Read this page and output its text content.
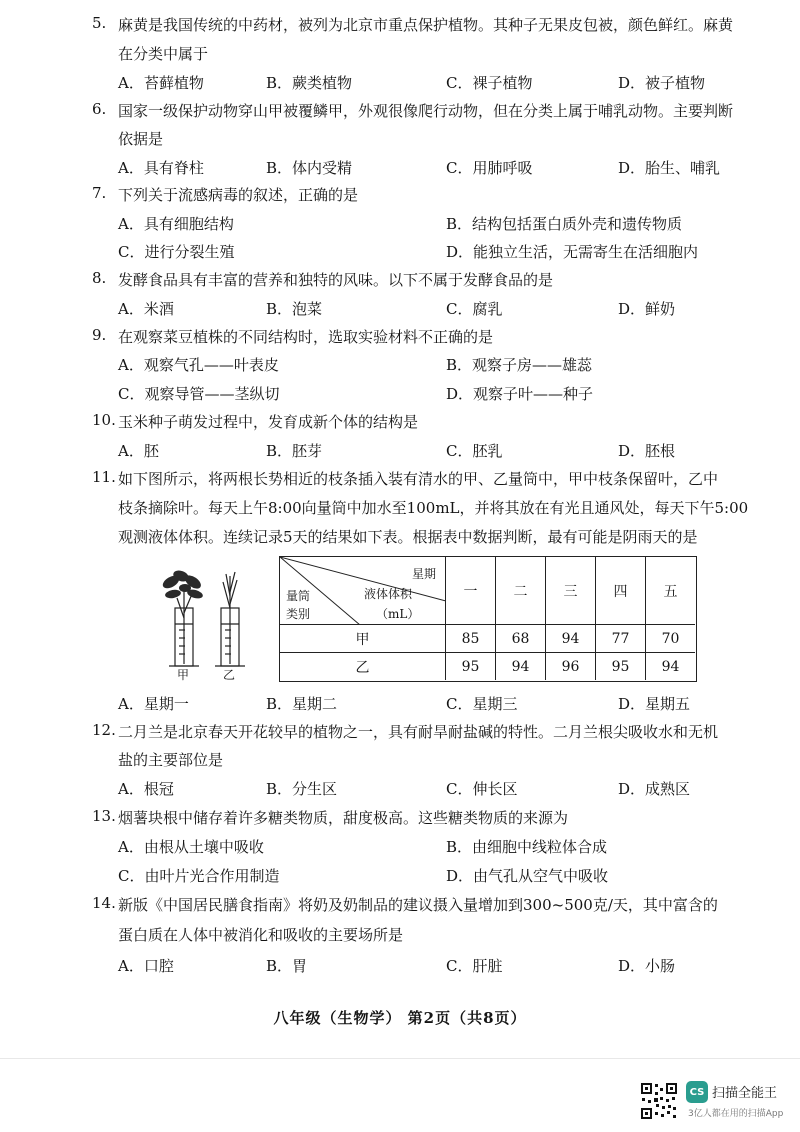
5. 麻黄是我国传统的中药材，被列为北京市重点保护植物。其种子无果皮包被，颜色鲜红。麻黄
在分类中属于
A．苔藓植物	B．蕨类植物	C．裸子植物	D．被子植物
6. 国家一级保护动物穿山甲被覆鳞甲，外观很像爬行动物，但在分类上属于哺乳动物。主要判断
依据是
A．具有脊柱	B．体内受精	C．用肺呼吸	D．胎生、哺乳
7. 下列关于流感病毒的叙述，正确的是
A．具有细胞结构	B．结构包括蛋白质外壳和遗传物质
C．进行分裂生殖	D．能独立生活，无需寄生在活细胞内
8. 发酵食品具有丰富的营养和独特的风味。以下不属于发酵食品的是
A．米酒	B．泡菜	C．腐乳	D．鲜奶
9. 在观察菜豆植株的不同结构时，选取实验材料不正确的是
A．观察气孔——叶表皮	B．观察子房——雄蕊
C．观察导管——茎纵切	D．观察子叶——种子
10. 玉米种子萌发过程中，发育成新个体的结构是
A．胚	B．胚芽	C．胚乳	D．胚根
11. 如下图所示，将两根长势相近的枝条插入装有清水的甲、乙量筒中，甲中枝条保留叶，乙中
枝条摘除叶。每天上午8:00向量筒中加水至100mL，并将其放在有光且通风处，每天下午5:00
观测液体体积。连续记录5天的结果如下表。根据表中数据判断，最有可能是阴雨天的是
甲	乙
星期
液体体积
（mL）
量筒
类别
一	二	三	四	五
甲	85	68	94	77	70
乙	95	94	96	95	94
A．星期一	B．星期二	C．星期三	D．星期五
12. 二月兰是北京春天开花较早的植物之一，具有耐旱耐盐碱的特性。二月兰根尖吸收水和无机
盐的主要部位是
A．根冠	B．分生区	C．伸长区	D．成熟区
13. 烟薯块根中储存着许多糖类物质，甜度极高。这些糖类物质的来源为
A．由根从土壤中吸收	B．由细胞中线粒体合成
C．由叶片光合作用制造	D．由气孔从空气中吸收
14. 新版《中国居民膳食指南》将奶及奶制品的建议摄入量增加到300~500克/天，其中富含的
蛋白质在人体中被消化和吸收的主要场所是
A．口腔	B．胃	C．肝脏	D．小肠
八年级（生物学） 第2页（共8页）
CS 扫描全能王
3亿人都在用的扫描App
